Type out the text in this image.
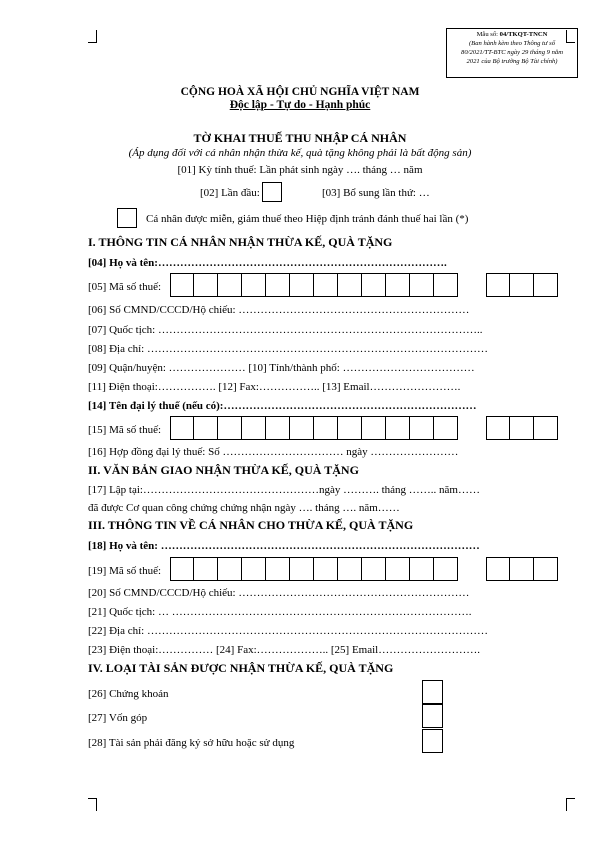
Mẫu số: 04/TKQT-TNCN
(Ban hành kèm theo Thông tư số
80/2021/TT-BTC ngày 29 tháng 9 năm
2021 của Bộ trưởng Bộ Tài chính)
CỘNG HOÀ XÃ HỘI CHỦ NGHĨA VIỆT NAM
Độc lập - Tự do - Hạnh phúc
TỜ KHAI THUẾ THU NHẬP CÁ NHÂN
(Áp dụng đối với cá nhân nhận thừa kế, quà tặng không phải là bất động sản)
[01] Kỳ tính thuế: Lần phát sinh ngày …. tháng … năm
[02] Lần đầu:	[03] Bổ sung lần thứ: …
Cá nhân được miễn, giảm thuế theo Hiệp định tránh đánh thuế hai lần (*)
I. THÔNG TIN CÁ NHÂN NHẬN THỪA KẾ, QUÀ TẶNG
[04] Họ và tên:…………………………………………………………………….
[05] Mã số thuế:
[06] Số CMND/CCCD/Hộ chiếu: ………………………………………………………
[07] Quốc tịch: ……………………………………………………………………………..
[08] Địa chỉ: …………………………………………………………………………………
[09] Quận/huyện: ………………… [10] Tỉnh/thành phố: ………………………………
[11] Điện thoại:……………. [12] Fax:…………….. [13] Email…………………….
[14] Tên đại lý thuế (nếu có):……………………………………………………………
[15] Mã số thuế:
[16] Hợp đồng đại lý thuế: Số …………………………… ngày ……………………
II. VĂN BẢN GIAO NHẬN THỪA KẾ, QUÀ TẶNG
[17] Lập tại:…………………………………………ngày ………. tháng …….. năm……
đã được Cơ quan công chứng chứng nhận ngày …. tháng …. năm……
III. THÔNG TIN VỀ CÁ NHÂN CHO THỪA KẾ, QUÀ TẶNG
[18] Họ và tên: ……………………………………………………………………………
[19] Mã số thuế:
[20] Số CMND/CCCD/Hộ chiếu: ………………………………………………………
[21] Quốc tịch: … ……………………………………………………………………….
[22] Địa chỉ: …………………………………………………………………………………
[23] Điện thoại:…………… [24] Fax:……………….. [25] Email……………………….
IV. LOẠI TÀI SẢN ĐƯỢC NHẬN THỪA KẾ, QUÀ TẶNG
[26] Chứng khoán
[27] Vốn góp
[28] Tài sản phải đăng ký sở hữu hoặc sử dụng
